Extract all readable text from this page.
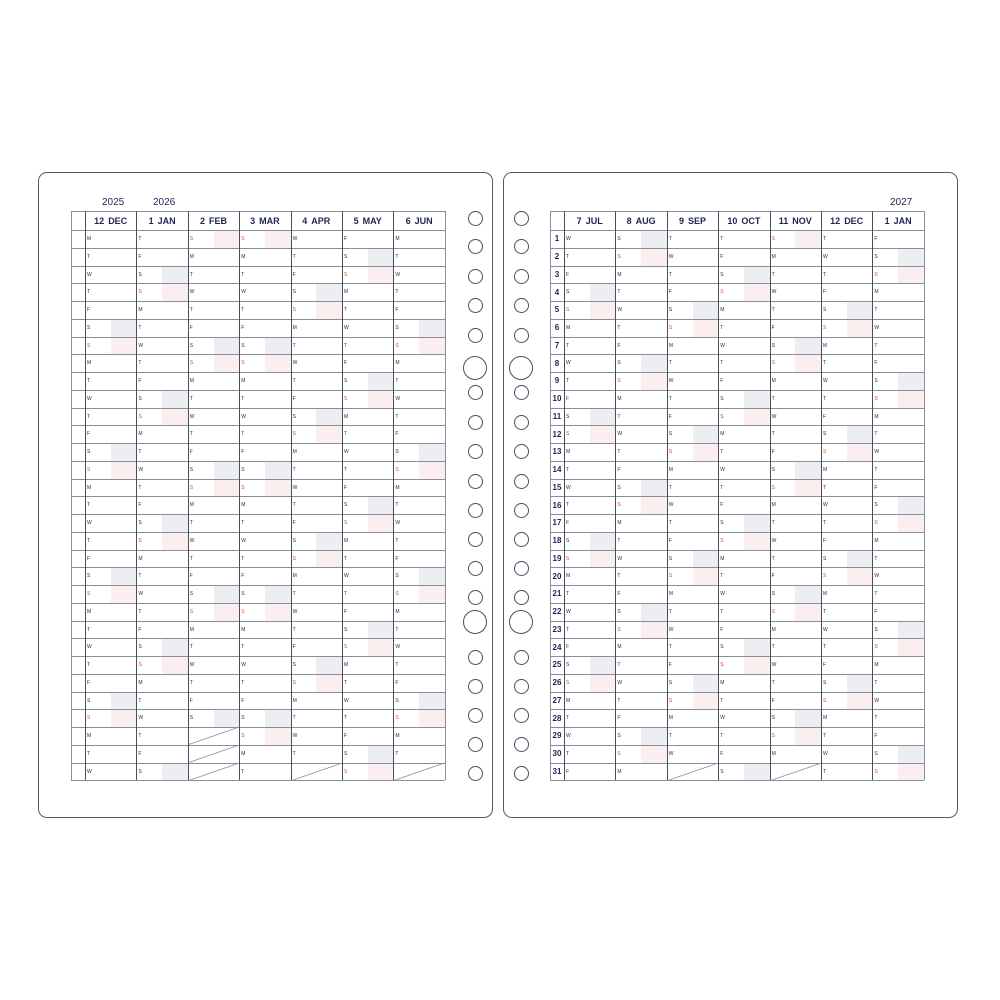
2025	2026
12 DEC
M
T
W
T
F
S
S
M
T
W
T
F
S
S
M
T
W
T
F
S
S
M
T
W
T
F
S
S
M
T
W
1 JAN
T
F
S
S
M
T
W
T
F
S
S
M
T
W
T
F
S
S
M
T
W
T
F
S
S
M
T
W
T
F
S
2 FEB
S
M
T
W
T
F
S
S
M
T
W
T
F
S
S
M
T
W
T
F
S
S
M
T
W
T
F
S
3 MAR
S
M
T
W
T
F
S
S
M
T
W
T
F
S
S
M
T
W
T
F
S
S
M
T
W
T
F
S
S
M
T
4 APR
W
T
F
S
S
M
T
W
T
F
S
S
M
T
W
T
F
S
S
M
T
W
T
F
S
S
M
T
W
T
5 MAY
F
S
S
M
T
W
T
F
S
S
M
T
W
T
F
S
S
M
T
W
T
F
S
S
M
T
W
T
F
S
S
6 JUN
M
T
W
T
F
S
S
M
T
W
T
F
S
S
M
T
W
T
F
S
S
M
T
W
T
F
S
S
M
T
2027
1
2
3
4
5
6
7
8
9
10
11
12
13
14
15
16
17
18
19
20
21
22
23
24
25
26
27
28
29
30
31
7 JUL
W
T
F
S
S
M
T
W
T
F
S
S
M
T
W
T
F
S
S
M
T
W
T
F
S
S
M
T
W
T
F
8 AUG
S
S
M
T
W
T
F
S
S
M
T
W
T
F
S
S
M
T
W
T
F
S
S
M
T
W
T
F
S
S
M
9 SEP
T
W
T
F
S
S
M
T
W
T
F
S
S
M
T
W
T
F
S
S
M
T
W
T
F
S
S
M
T
W
10 OCT
T
F
S
S
M
T
W
T
F
S
S
M
T
W
T
F
S
S
M
T
W
T
F
S
S
M
T
W
T
F
S
11 NOV
S
M
T
W
T
F
S
S
M
T
W
T
F
S
S
M
T
W
T
F
S
S
M
T
W
T
F
S
S
M
12 DEC
T
W
T
F
S
S
M
T
W
T
F
S
S
M
T
W
T
F
S
S
M
T
W
T
F
S
S
M
T
W
T
1 JAN
F
S
S
M
T
W
T
F
S
S
M
T
W
T
F
S
S
M
T
W
T
F
S
S
M
T
W
T
F
S
S
